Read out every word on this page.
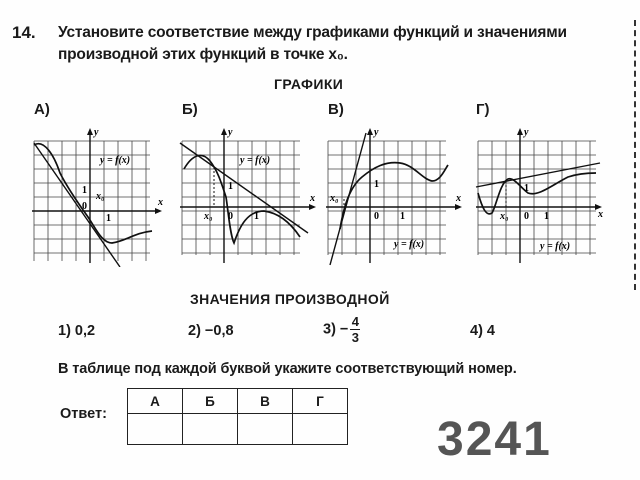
14. Установите соответствие между графиками функций и значениями
производной этих функций в точке x₀.
ГРАФИКИ
А)	Б)	В)	Г)
y
x
y = f(x)
1
x₀
0
1
y
x
y = f(x)
1
x₀ 0 1
y
x
y = f(x)
1
x₀
0 1
y
x
y = f(x)
1
x₀ 0 1
ЗНАЧЕНИЯ ПРОИЗВОДНОЙ
1) 0,2	2) −0,8	$3) - \frac{4}{3}$	4) 4
В таблице под каждой буквой укажите соответствующий номер.
Ответ:
А	Б	В	Г

3241
